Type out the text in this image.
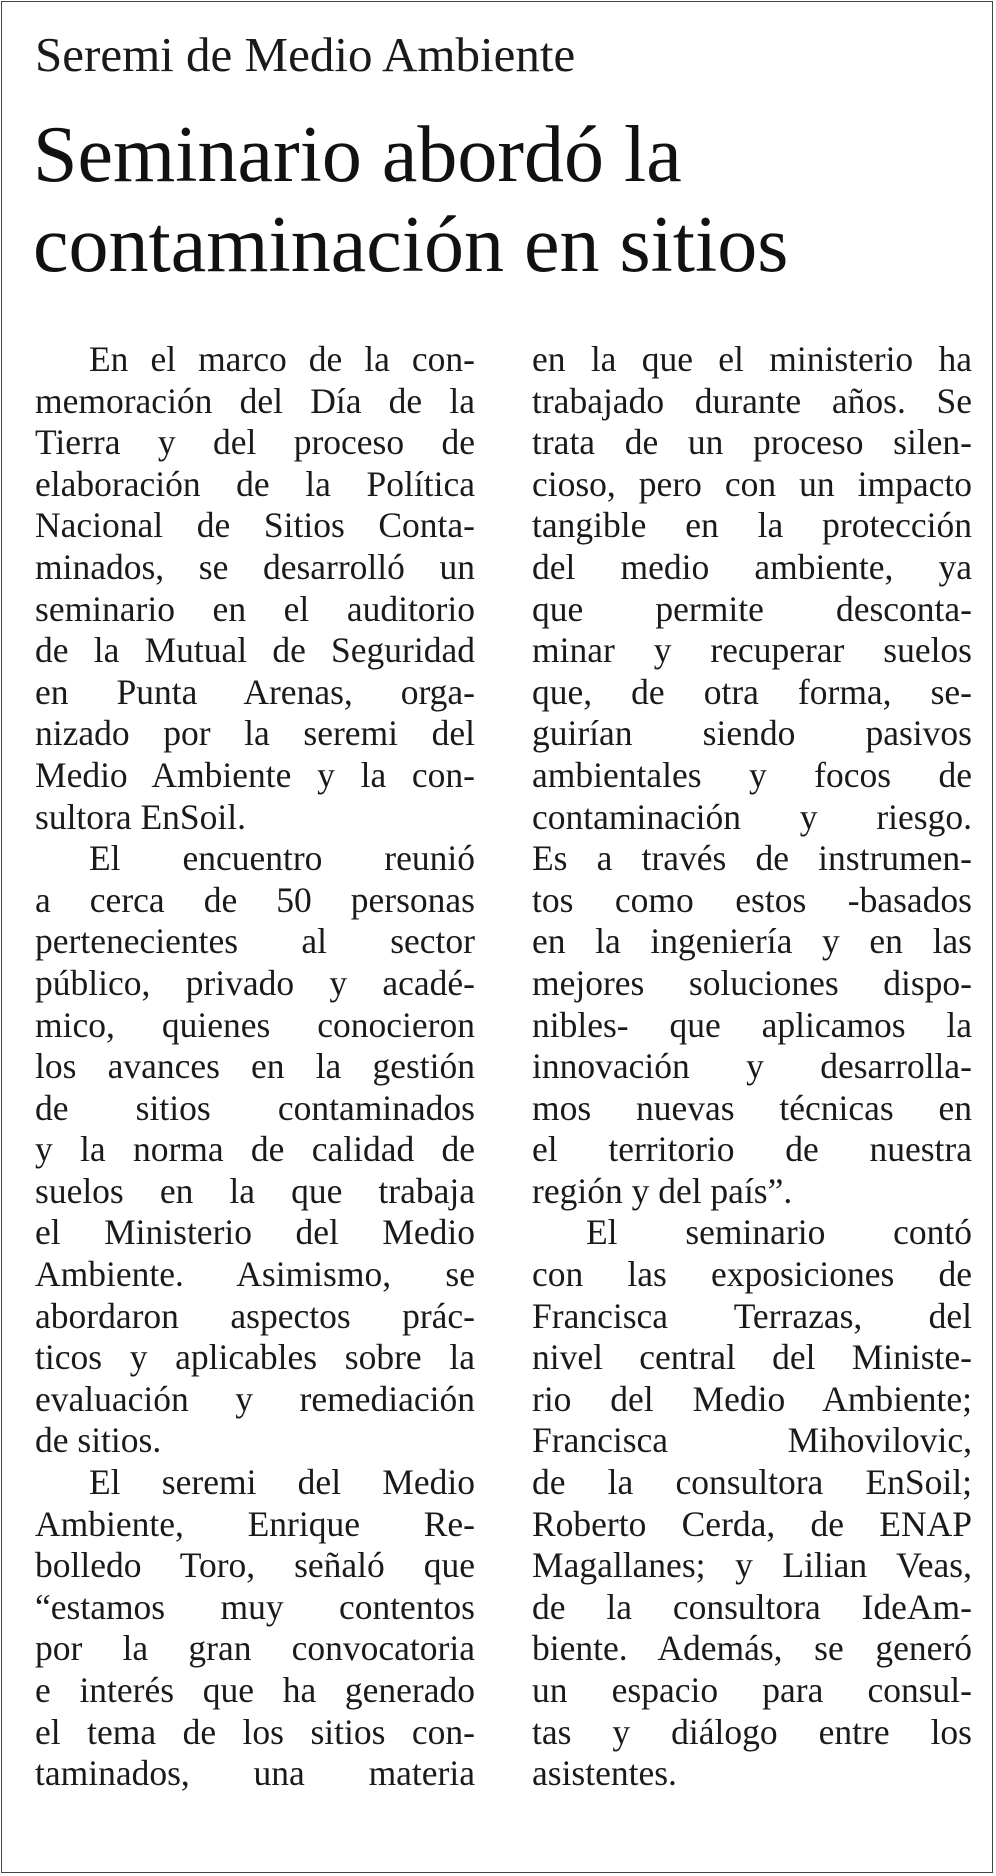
Seremi de Medio Ambiente
Seminario abordó la
contaminación en sitios
En el marco de la con-
memoración del Día de la
Tierra y del proceso de
elaboración de la Política
Nacional de Sitios Conta-
minados, se desarrolló un
seminario en el auditorio
de la Mutual de Seguridad
en Punta Arenas, orga-
nizado por la seremi del
Medio Ambiente y la con-
sultora EnSoil.
El encuentro reunió
a cerca de 50 personas
pertenecientes al sector
público, privado y acadé-
mico, quienes conocieron
los avances en la gestión
de sitios contaminados
y la norma de calidad de
suelos en la que trabaja
el Ministerio del Medio
Ambiente. Asimismo, se
abordaron aspectos prác-
ticos y aplicables sobre la
evaluación y remediación
de sitios.
El seremi del Medio
Ambiente, Enrique Re-
bolledo Toro, señaló que
“estamos muy contentos
por la gran convocatoria
e interés que ha generado
el tema de los sitios con-
taminados, una materia
en la que el ministerio ha
trabajado durante años. Se
trata de un proceso silen-
cioso, pero con un impacto
tangible en la protección
del medio ambiente, ya
que permite desconta-
minar y recuperar suelos
que, de otra forma, se-
guirían siendo pasivos
ambientales y focos de
contaminación y riesgo.
Es a través de instrumen-
tos como estos -basados
en la ingeniería y en las
mejores soluciones dispo-
nibles- que aplicamos la
innovación y desarrolla-
mos nuevas técnicas en
el territorio de nuestra
región y del país”.
El seminario contó
con las exposiciones de
Francisca Terrazas, del
nivel central del Ministe-
rio del Medio Ambiente;
Francisca Mihovilovic,
de la consultora EnSoil;
Roberto Cerda, de ENAP
Magallanes; y Lilian Veas,
de la consultora IdeAm-
biente. Además, se generó
un espacio para consul-
tas y diálogo entre los
asistentes.
